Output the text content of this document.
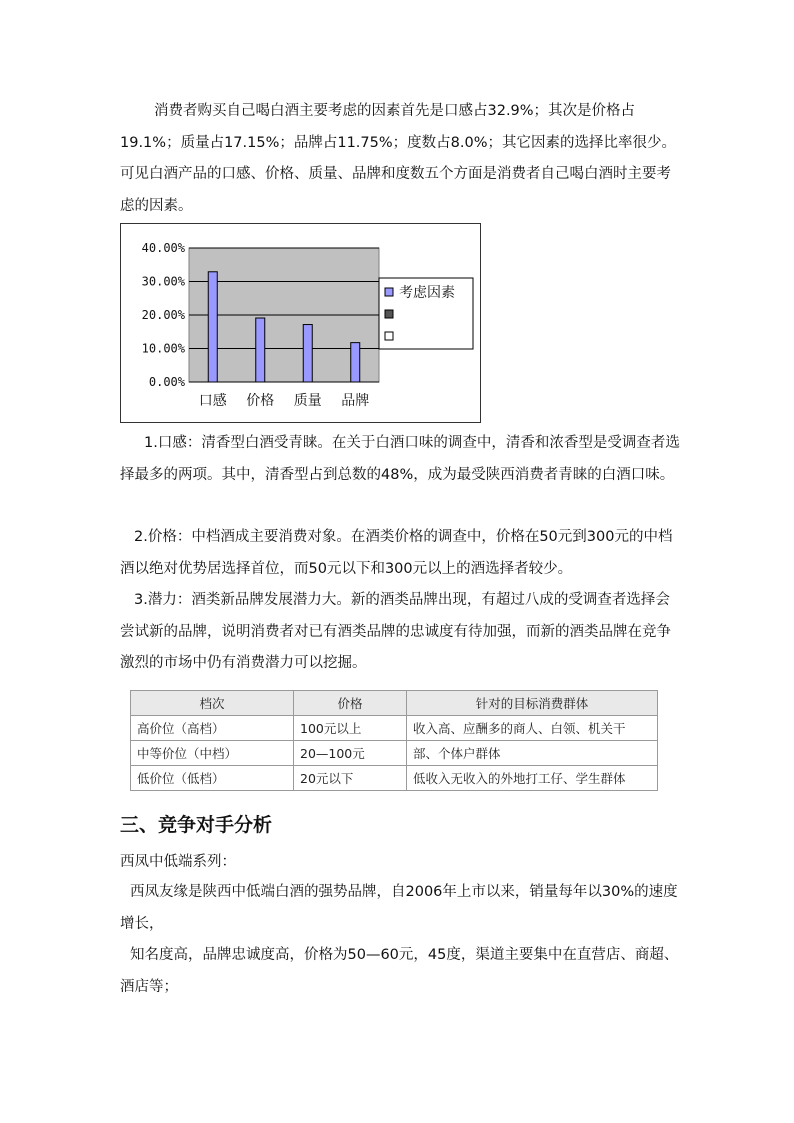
消费者购买自己喝白酒主要考虑的因素首先是口感占32.9%；其次是价格占19.1%；质量占17.15%；品牌占11.75%；度数占8.0%；其它因素的选择比率很少。可见白酒产品的口感、价格、质量、品牌和度数五个方面是消费者自己喝白酒时主要考虑的因素。

0.00%
10.00%
20.00%
30.00%
40.00%
口感 价格 质量 品牌
考虑因素

1.口感：清香型白酒受青睐。在关于白酒口味的调查中，清香和浓香型是受调查者选择最多的两项。其中，清香型占到总数的48%，成为最受陕西消费者青睐的白酒口味。

2.价格：中档酒成主要消费对象。在酒类价格的调查中，价格在50元到300元的中档酒以绝对优势居选择首位，而50元以下和300元以上的酒选择者较少。

3.潜力：酒类新品牌发展潜力大。新的酒类品牌出现，有超过八成的受调查者选择会尝试新的品牌，说明消费者对已有酒类品牌的忠诚度有待加强，而新的酒类品牌在竞争激烈的市场中仍有消费潜力可以挖掘。

档次	价格	针对的目标消费群体
高价位（高档）	100元以上	收入高、应酬多的商人、白领、机关干
中等价位（中档）	20—100元	部、个体户群体
低价位（低档）	20元以下	低收入无收入的外地打工仔、学生群体
三、竞争对手分析

西凤中低端系列：

西凤友缘是陕西中低端白酒的强势品牌，自2006年上市以来，销量每年以30%的速度增长，

知名度高，品牌忠诚度高，价格为50—60元，45度，渠道主要集中在直营店、商超、酒店等；
